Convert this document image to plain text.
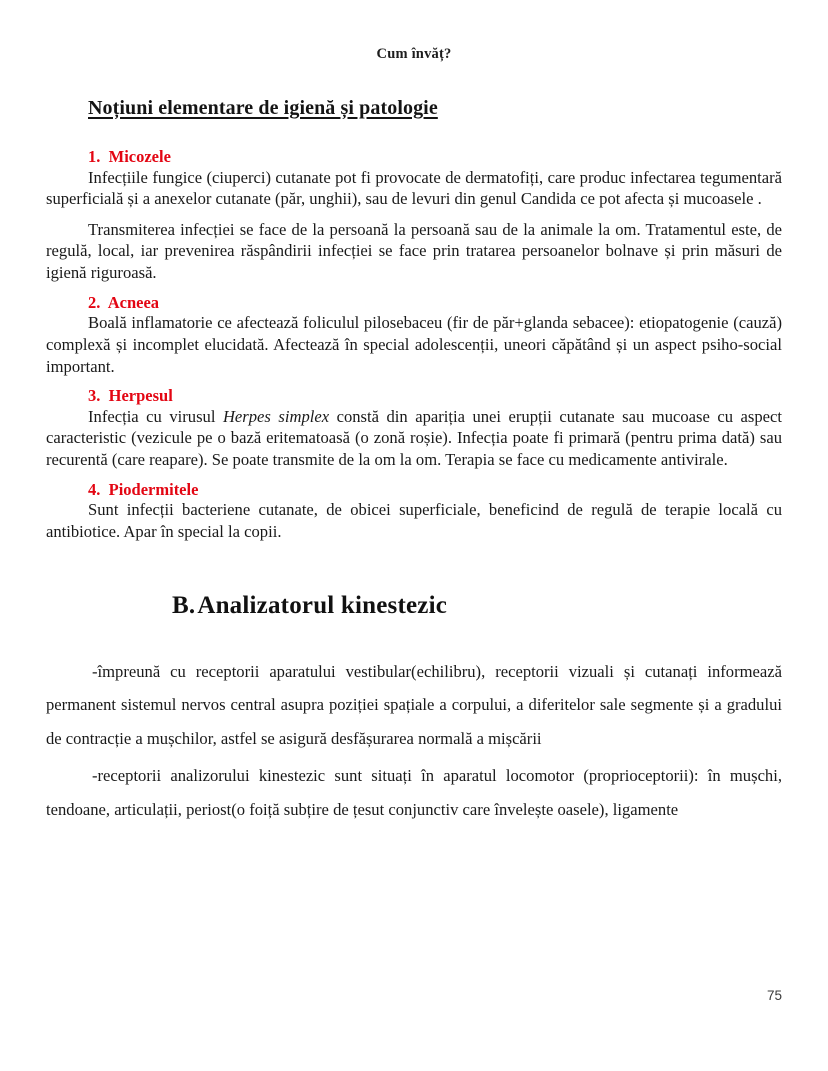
Cum învăț?
Noțiuni elementare de igienă și patologie
1. Micozele

Infecțiile fungice (ciuperci) cutanate pot fi provocate de dermatofiți, care produc infectarea tegumentară superficială și a anexelor cutanate (păr, unghii), sau de levuri din genul Candida ce pot afecta și mucoasele .

Transmiterea infecției se face de la persoană la persoană sau de la animale la om. Tratamentul este, de regulă, local, iar prevenirea răspândirii infecției se face prin tratarea persoanelor bolnave și prin măsuri de igienă riguroasă.

2. Acneea

Boală inflamatorie ce afectează foliculul pilosebaceu (fir de păr+glanda sebacee): etiopatogenie (cauză) complexă și incomplet elucidată. Afectează în special adolescenții, uneori căpătând și un aspect psiho-social important.

3. Herpesul

Infecția cu virusul Herpes simplex constă din apariția unei erupții cutanate sau mucoase cu aspect caracteristic (vezicule pe o bază eritematoasă (o zonă roșie). Infecția poate fi primară (pentru prima dată) sau recurentă (care reapare). Se poate transmite de la om la om. Terapia se face cu medicamente antivirale.

4. Piodermitele

Sunt infecții bacteriene cutanate, de obicei superficiale, beneficind de regulă de terapie locală cu antibiotice. Apar în special la copii.

B.Analizatorul kinestezic

-împreună cu receptorii aparatului vestibular(echilibru), receptorii vizuali și cutanați informează permanent sistemul nervos central asupra poziției spațiale a corpului, a diferitelor sale segmente și a gradului de contracție a mușchilor, astfel se asigură desfășurarea normală a mișcării

-receptorii analizorului kinestezic sunt situați în aparatul locomotor (proprioceptorii): în mușchi, tendoane, articulații, periost(o foiță subțire de țesut conjunctiv care învelește oasele), ligamente

75
